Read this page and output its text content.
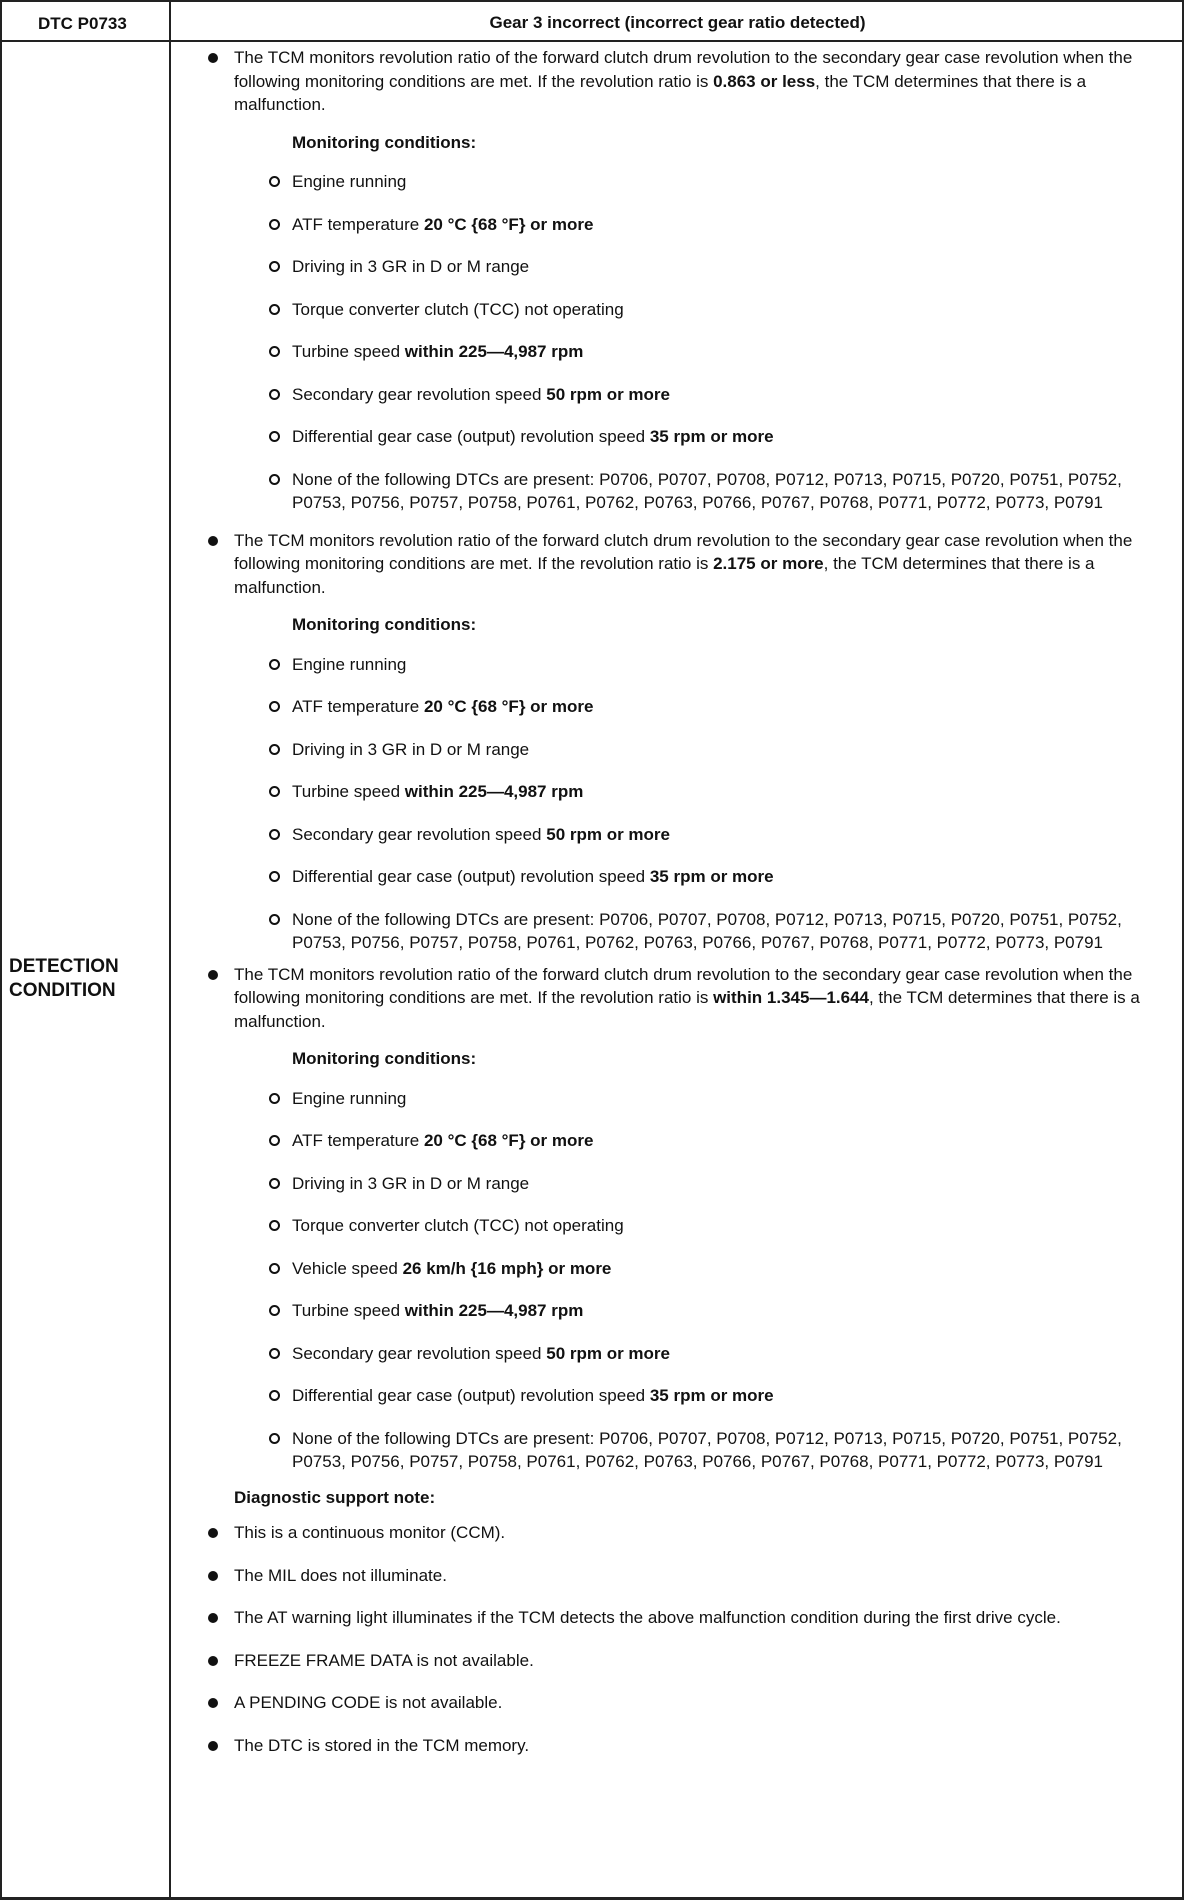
DTC P0733	Gear 3 incorrect (incorrect gear ratio detected)
DETECTION
CONDITION
The TCM monitors revolution ratio of the forward clutch drum revolution to the secondary gear case revolution when the following monitoring conditions are met. If the revolution ratio is 0.863 or less, the TCM determines that there is a malfunction.
Monitoring conditions:
Engine running
ATF temperature 20 °C {68 °F} or more
Driving in 3 GR in D or M range
Torque converter clutch (TCC) not operating
Turbine speed within 225—4,987 rpm
Secondary gear revolution speed 50 rpm or more
Differential gear case (output) revolution speed 35 rpm or more
None of the following DTCs are present: P0706, P0707, P0708, P0712, P0713, P0715, P0720, P0751, P0752, P0753, P0756, P0757, P0758, P0761, P0762, P0763, P0766, P0767, P0768, P0771, P0772, P0773, P0791
The TCM monitors revolution ratio of the forward clutch drum revolution to the secondary gear case revolution when the following monitoring conditions are met. If the revolution ratio is 2.175 or more, the TCM determines that there is a malfunction.
Monitoring conditions:
Engine running
ATF temperature 20 °C {68 °F} or more
Driving in 3 GR in D or M range
Turbine speed within 225—4,987 rpm
Secondary gear revolution speed 50 rpm or more
Differential gear case (output) revolution speed 35 rpm or more
None of the following DTCs are present: P0706, P0707, P0708, P0712, P0713, P0715, P0720, P0751, P0752, P0753, P0756, P0757, P0758, P0761, P0762, P0763, P0766, P0767, P0768, P0771, P0772, P0773, P0791
The TCM monitors revolution ratio of the forward clutch drum revolution to the secondary gear case revolution when the following monitoring conditions are met. If the revolution ratio is within 1.345—1.644, the TCM determines that there is a malfunction.
Monitoring conditions:
Engine running
ATF temperature 20 °C {68 °F} or more
Driving in 3 GR in D or M range
Torque converter clutch (TCC) not operating
Vehicle speed 26 km/h {16 mph} or more
Turbine speed within 225—4,987 rpm
Secondary gear revolution speed 50 rpm or more
Differential gear case (output) revolution speed 35 rpm or more
None of the following DTCs are present: P0706, P0707, P0708, P0712, P0713, P0715, P0720, P0751, P0752, P0753, P0756, P0757, P0758, P0761, P0762, P0763, P0766, P0767, P0768, P0771, P0772, P0773, P0791
Diagnostic support note:
This is a continuous monitor (CCM).
The MIL does not illuminate.
The AT warning light illuminates if the TCM detects the above malfunction condition during the first drive cycle.
FREEZE FRAME DATA is not available.
A PENDING CODE is not available.
The DTC is stored in the TCM memory.
